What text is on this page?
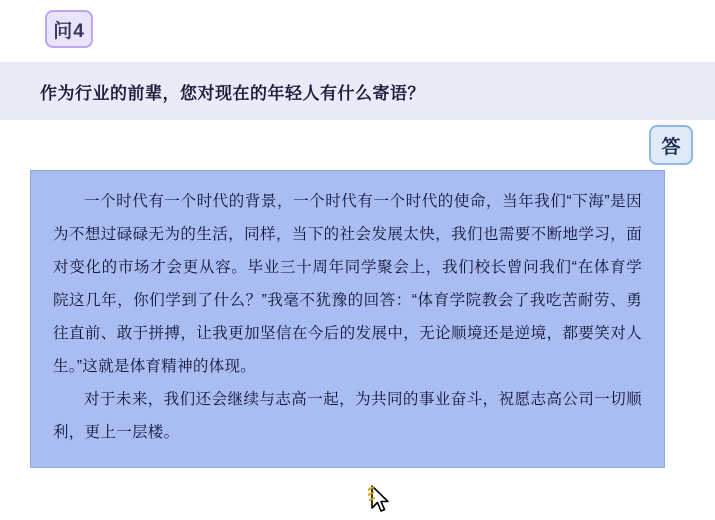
问4
作为行业的前辈，您对现在的年轻人有什么寄语？
答

一个时代有一个时代的背景，一个时代有一个时代的使命，当年我们“下海”是因为不想过碌碌无为的生活，同样，当下的社会发展太快，我们也需要不断地学习，面对变化的市场才会更从容。毕业三十周年同学聚会上，我们校长曾问我们“在体育学院这几年，你们学到了什么？”我毫不犹豫的回答：“体育学院教会了我吃苦耐劳、勇往直前、敢于拼搏，让我更加坚信在今后的发展中，无论顺境还是逆境，都要笑对人生。”这就是体育精神的体现。

对于未来，我们还会继续与志高一起，为共同的事业奋斗，祝愿志高公司一切顺利，更上一层楼。
